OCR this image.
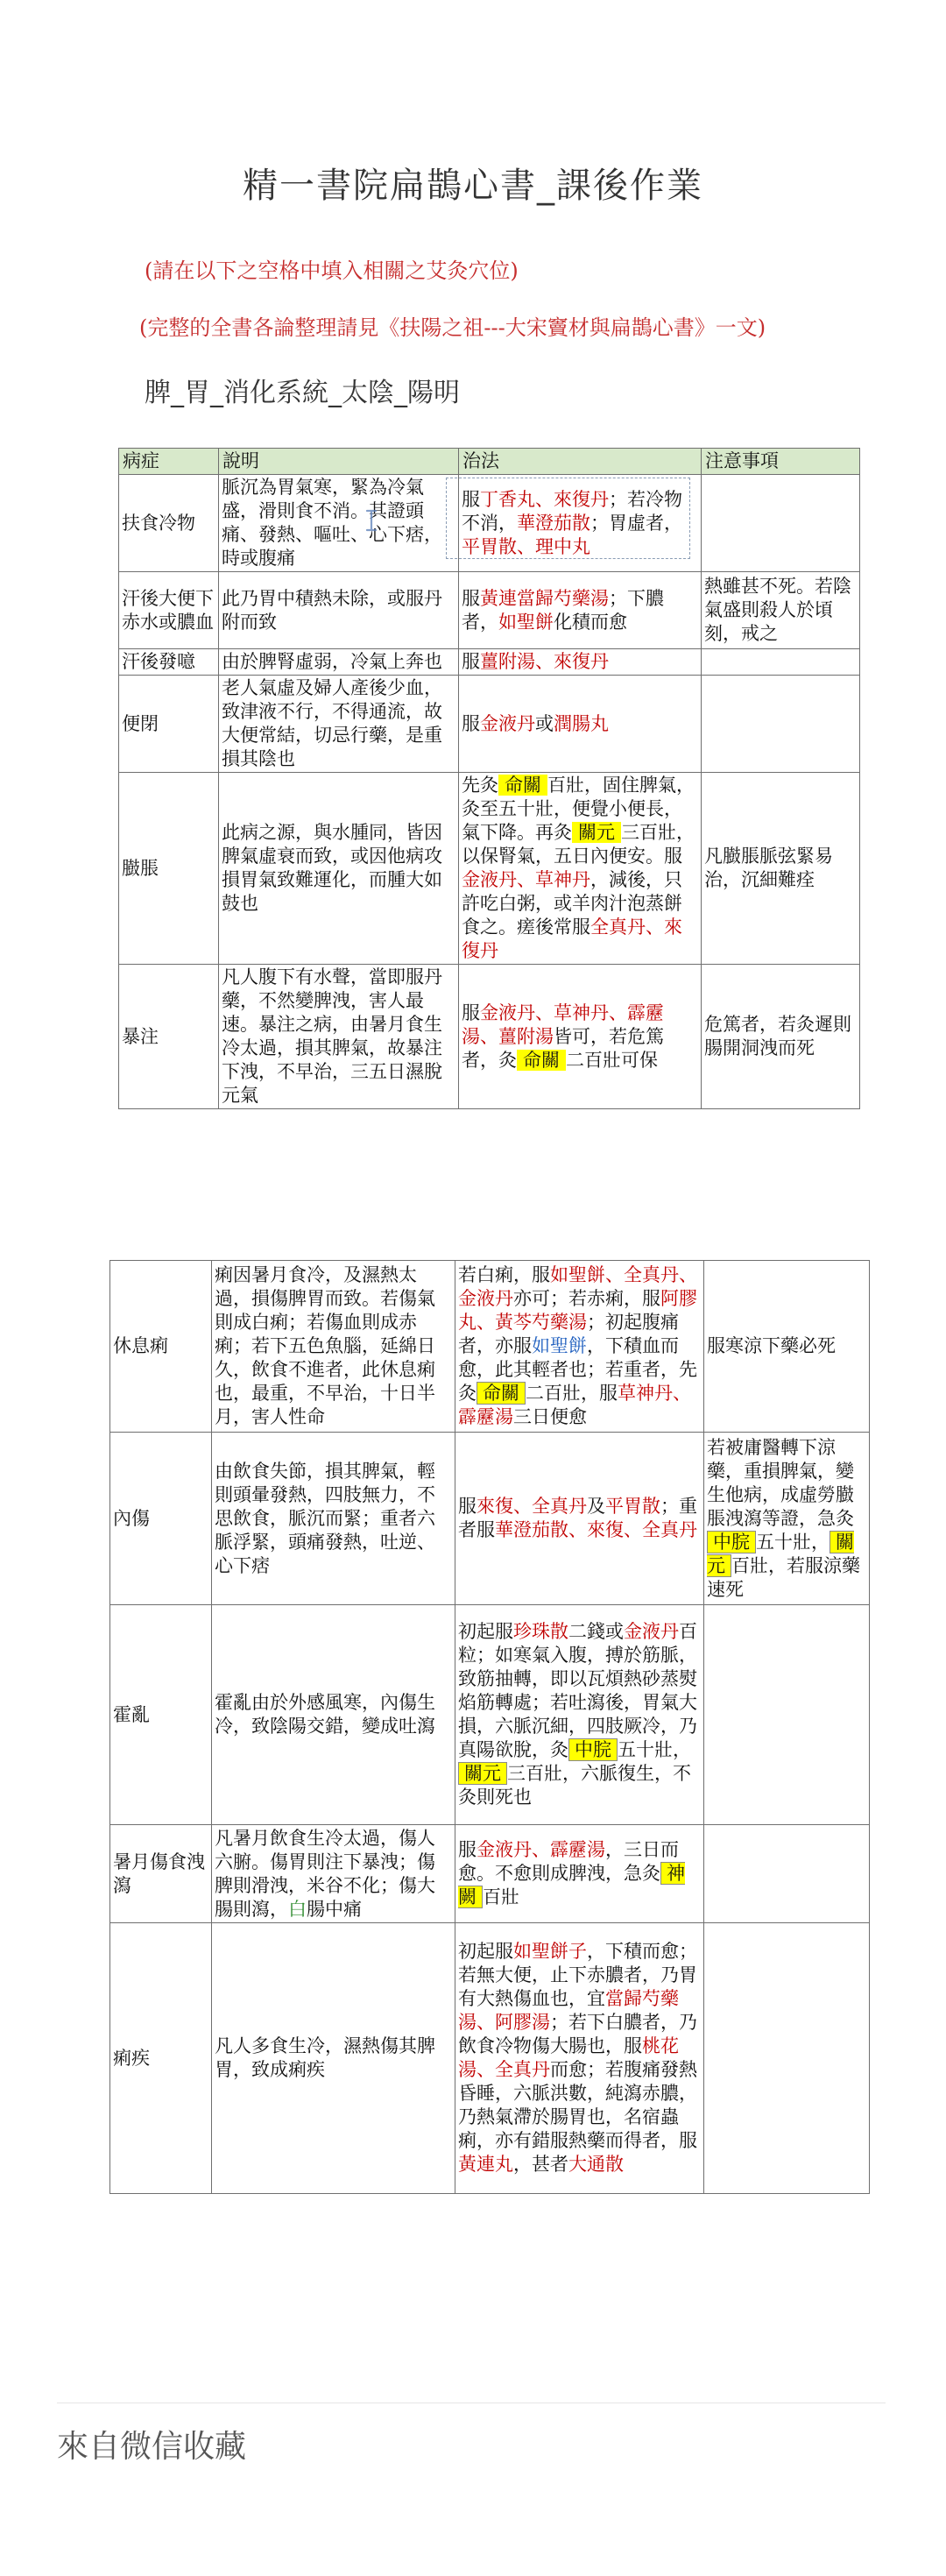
精一書院扁鵲心書_課後作業

(請在以下之空格中填入相關之艾灸穴位)

(完整的全書各論整理請見《扶陽之祖---大宋竇材與扁鵲心書》一文)

脾_胃_消化系統_太陰_陽明
病症	說明	治法	注意事項
扶食冷物	脈沉為胃氣寒，緊為冷氣盛，滑則食不消。其證頭痛、發熱、嘔吐、心下痞，時或腹痛	服丁香丸、來復丹；若冷物不消，華澄茄散；胃虛者，平胃散、理中丸	
汗後大便下赤水或膿血	此乃胃中積熱未除，或服丹附而致	服黃連當歸芍藥湯；下膿者，如聖餅化積而愈	熱雖甚不死。若陰氣盛則殺人於頃刻，戒之
汗後發噫	由於脾腎虛弱，冷氣上奔也	服薑附湯、來復丹	
便閉	老人氣虛及婦人產後少血，致津液不行，不得通流，故大便常結，切忌行藥，是重損其陰也	服金液丹或潤腸丸	
臌脹	此病之源，與水腫同，皆因脾氣虛衰而致，或因他病攻損胃氣致難運化，而腫大如鼓也	先灸 命關 百壯，固住脾氣，灸至五十壯，便覺小便長，氣下降。再灸 關元 三百壯，以保腎氣，五日內便安。服金液丹、草神丹，減後，只許吃白粥，或羊肉汁泡蒸餅食之。瘥後常服全真丹、來復丹	凡臌脹脈弦緊易治，沉細難痊
暴注	凡人腹下有水聲，當即服丹藥，不然變脾洩，害人最速。暴注之病，由暑月食生冷太過，損其脾氣，故暴注下洩，不早治，三五日濕脫元氣	服金液丹、草神丹、霹靂湯、薑附湯皆可，若危篤者，灸 命關 二百壯可保	危篤者，若灸遲則腸開洞洩而死
休息痢	痢因暑月食冷，及濕熱太過，損傷脾胃而致。若傷氣則成白痢；若傷血則成赤痢；若下五色魚腦，延綿日久，飲食不進者，此休息痢也，最重，不早治，十日半月，害人性命	若白痢，服如聖餅、全真丹、金液丹亦可；若赤痢，服阿膠丸、黃芩芍藥湯；初起腹痛者，亦服如聖餅，下積血而愈，此其輕者也；若重者，先灸 命關 二百壯，服草神丹、霹靂湯三日便愈	服寒涼下藥必死
內傷	由飲食失節，損其脾氣，輕則頭暈發熱，四肢無力，不思飲食，脈沉而緊；重者六脈浮緊，頭痛發熱，吐逆、心下痞	服來復、全真丹及平胃散；重者服華澄茄散、來復、全真丹	若被庸醫轉下涼藥，重損脾氣，變生他病，成虛勞臌脹洩瀉等證，急灸中脘 五十壯， 關元 百壯，若服涼藥速死
霍亂	霍亂由於外感風寒，內傷生冷，致陰陽交錯，變成吐瀉	初起服珍珠散二錢或金液丹百粒；如寒氣入腹，搏於筋脈，致筋抽轉，即以瓦煩熱砂蒸熨焰筋轉處；若吐瀉後，胃氣大損，六脈沉細，四肢厥冷，乃真陽欲脫，灸 中脘 五十壯，關元 三百壯，六脈復生，不灸則死也	
暑月傷食洩瀉	凡暑月飲食生冷太過，傷人六腑。傷胃則注下暴洩；傷脾則滑洩，米谷不化；傷大腸則瀉，白腸中痛	服金液丹、霹靂湯，三日而愈。不愈則成脾洩，急灸 神闕 百壯	
痢疾	凡人多食生冷，濕熱傷其脾胃，致成痢疾	初起服如聖餅子，下積而愈；若無大便，止下赤膿者，乃胃有大熱傷血也，宜當歸芍藥湯、阿膠湯；若下白膿者，乃飲食冷物傷大腸也，服桃花湯、全真丹而愈；若腹痛發熱昏睡，六脈洪數，純瀉赤膿，乃熱氣滯於腸胃也，名宿蟲痢，亦有錯服熱藥而得者，服黃連丸，甚者大通散	

來自微信收藏
